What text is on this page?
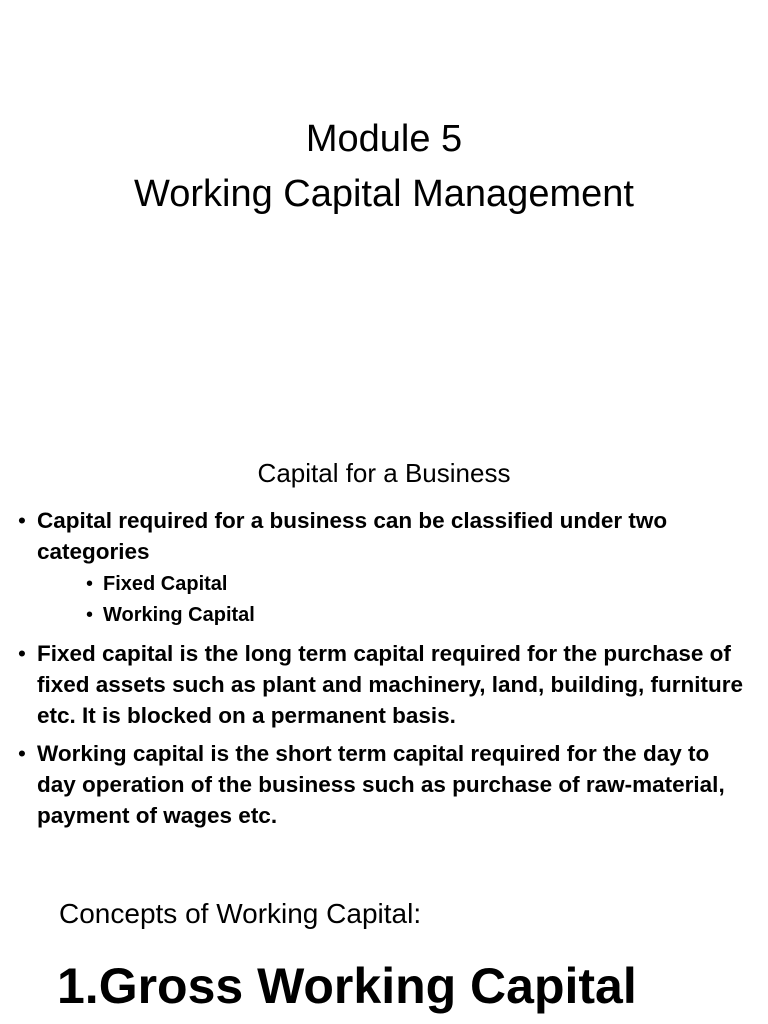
Module 5
Working Capital Management
Capital for a Business
• Capital required for a business can be classified under two categories
• Fixed Capital
• Working Capital
• Fixed capital is the long term capital required for the purchase of fixed assets such as plant and machinery, land, building, furniture etc. It is blocked on a permanent basis.
• Working capital is the short term capital required for the day to day operation of the business such as purchase of raw-material, payment of wages etc.
Concepts of Working Capital:
1.Gross Working Capital
